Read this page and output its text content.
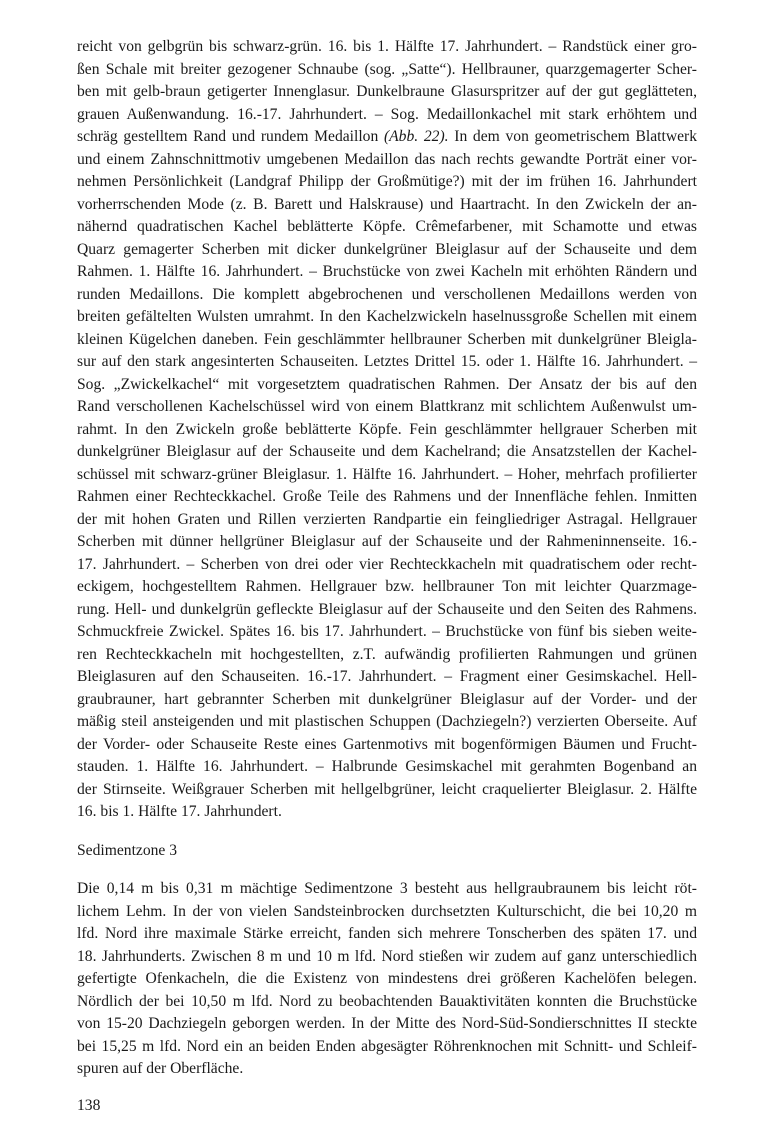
reicht von gelbgrün bis schwarz-grün. 16. bis 1. Hälfte 17. Jahrhundert. – Randstück einer gro-
ßen Schale mit breiter gezogener Schnaube (sog. „Satte“). Hellbrauner, quarzgemagerter Scher-
ben mit gelb-braun getigerter Innenglasur. Dunkelbraune Glasurspritzer auf der gut geglätteten,
grauen Außenwandung. 16.-17. Jahrhundert. – Sog. Medaillonkachel mit stark erhöhtem und
schräg gestelltem Rand und rundem Medaillon (Abb. 22). In dem von geometrischem Blattwerk
und einem Zahnschnittmotiv umgebenen Medaillon das nach rechts gewandte Porträt einer vor-
nehmen Persönlichkeit (Landgraf Philipp der Großmütige?) mit der im frühen 16. Jahrhundert
vorherrschenden Mode (z. B. Barett und Halskrause) und Haartracht. In den Zwickeln der an-
nähernd quadratischen Kachel beblätterte Köpfe. Crêmefarbener, mit Schamotte und etwas
Quarz gemagerter Scherben mit dicker dunkelgrüner Bleiglasur auf der Schauseite und dem
Rahmen. 1. Hälfte 16. Jahrhundert. – Bruchstücke von zwei Kacheln mit erhöhten Rändern und
runden Medaillons. Die komplett abgebrochenen und verschollenen Medaillons werden von
breiten gefältelten Wulsten umrahmt. In den Kachelzwickeln haselnussgroße Schellen mit einem
kleinen Kügelchen daneben. Fein geschlämmter hellbrauner Scherben mit dunkelgrüner Bleigla-
sur auf den stark angesinterten Schauseiten. Letztes Drittel 15. oder 1. Hälfte 16. Jahrhundert. –
Sog. „Zwickelkachel“ mit vorgesetztem quadratischen Rahmen. Der Ansatz der bis auf den
Rand verschollenen Kachelschüssel wird von einem Blattkranz mit schlichtem Außenwulst um-
rahmt. In den Zwickeln große beblätterte Köpfe. Fein geschlämmter hellgrauer Scherben mit
dunkelgrüner Bleiglasur auf der Schauseite und dem Kachelrand; die Ansatzstellen der Kachel-
schüssel mit schwarz-grüner Bleiglasur. 1. Hälfte 16. Jahrhundert. – Hoher, mehrfach profilierter
Rahmen einer Rechteckkachel. Große Teile des Rahmens und der Innenfläche fehlen. Inmitten
der mit hohen Graten und Rillen verzierten Randpartie ein feingliedriger Astragal. Hellgrauer
Scherben mit dünner hellgrüner Bleiglasur auf der Schauseite und der Rahmeninnenseite. 16.-
17. Jahrhundert. – Scherben von drei oder vier Rechteckkacheln mit quadratischem oder recht-
eckigem, hochgestelltem Rahmen. Hellgrauer bzw. hellbrauner Ton mit leichter Quarzmage-
rung. Hell- und dunkelgrün gefleckte Bleiglasur auf der Schauseite und den Seiten des Rahmens.
Schmuckfreie Zwickel. Spätes 16. bis 17. Jahrhundert. – Bruchstücke von fünf bis sieben weite-
ren Rechteckkacheln mit hochgestellten, z.T. aufwändig profilierten Rahmungen und grünen
Bleiglasuren auf den Schauseiten. 16.-17. Jahrhundert. – Fragment einer Gesimskachel. Hell-
graubrauner, hart gebrannter Scherben mit dunkelgrüner Bleiglasur auf der Vorder- und der
mäßig steil ansteigenden und mit plastischen Schuppen (Dachziegeln?) verzierten Oberseite. Auf
der Vorder- oder Schauseite Reste eines Gartenmotivs mit bogenförmigen Bäumen und Frucht-
stauden. 1. Hälfte 16. Jahrhundert. – Halbrunde Gesimskachel mit gerahmten Bogenband an
der Stirnseite. Weißgrauer Scherben mit hellgelbgrüner, leicht craquelierter Bleiglasur. 2. Hälfte
16. bis 1. Hälfte 17. Jahrhundert.
Sedimentzone 3
Die 0,14 m bis 0,31 m mächtige Sedimentzone 3 besteht aus hellgraubraunem bis leicht röt-
lichem Lehm. In der von vielen Sandsteinbrocken durchsetzten Kulturschicht, die bei 10,20 m
lfd. Nord ihre maximale Stärke erreicht, fanden sich mehrere Tonscherben des späten 17. und
18. Jahrhunderts. Zwischen 8 m und 10 m lfd. Nord stießen wir zudem auf ganz unterschiedlich
gefertigte Ofenkacheln, die die Existenz von mindestens drei größeren Kachelöfen belegen.
Nördlich der bei 10,50 m lfd. Nord zu beobachtenden Bauaktivitäten konnten die Bruchstücke
von 15-20 Dachziegeln geborgen werden. In der Mitte des Nord-Süd-Sondierschnittes II steckte
bei 15,25 m lfd. Nord ein an beiden Enden abgesägter Röhrenknochen mit Schnitt- und Schleif-
spuren auf der Oberfläche.
138
